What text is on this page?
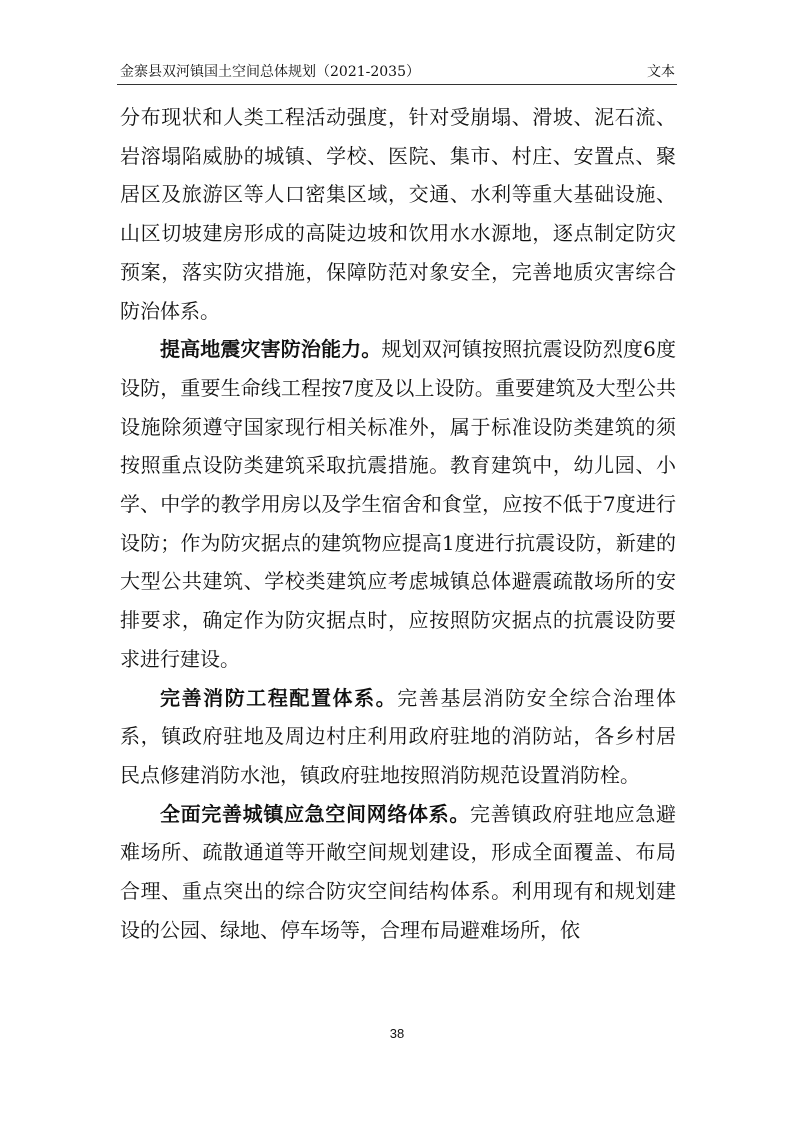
金寨县双河镇国土空间总体规划（2021-2035）	文本

分布现状和人类工程活动强度，针对受崩塌、滑坡、泥石流、岩溶塌陷威胁的城镇、学校、医院、集市、村庄、安置点、聚居区及旅游区等人口密集区域，交通、水利等重大基础设施、山区切坡建房形成的高陡边坡和饮用水水源地，逐点制定防灾预案，落实防灾措施，保障防范对象安全，完善地质灾害综合防治体系。

提高地震灾害防治能力。规划双河镇按照抗震设防烈度6度设防，重要生命线工程按7度及以上设防。重要建筑及大型公共设施除须遵守国家现行相关标准外，属于标准设防类建筑的须按照重点设防类建筑采取抗震措施。教育建筑中，幼儿园、小学、中学的教学用房以及学生宿舍和食堂，应按不低于7度进行设防；作为防灾据点的建筑物应提高1度进行抗震设防，新建的大型公共建筑、学校类建筑应考虑城镇总体避震疏散场所的安排要求，确定作为防灾据点时，应按照防灾据点的抗震设防要求进行建设。

完善消防工程配置体系。完善基层消防安全综合治理体系，镇政府驻地及周边村庄利用政府驻地的消防站，各乡村居民点修建消防水池，镇政府驻地按照消防规范设置消防栓。

全面完善城镇应急空间网络体系。完善镇政府驻地应急避难场所、疏散通道等开敞空间规划建设，形成全面覆盖、布局合理、重点突出的综合防灾空间结构体系。利用现有和规划建设的公园、绿地、停车场等，合理布局避难场所，依

38
